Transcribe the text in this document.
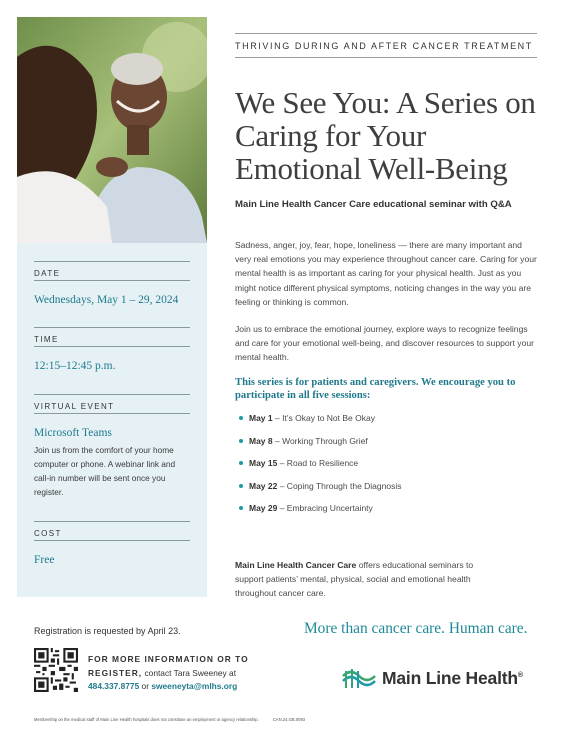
DATE
Wednesdays, May 1 – 29, 2024
TIME
12:15–12:45 p.m.
VIRTUAL EVENT
Microsoft Teams
Join us from the comfort of your home computer or phone. A webinar link and call-in number will be sent once you register.
COST
Free
THRIVING DURING AND AFTER CANCER TREATMENT
We See You: A Series on Caring for Your Emotional Well-Being
Main Line Health Cancer Care educational seminar with Q&A

Sadness, anger, joy, fear, hope, loneliness — there are many important and very real emotions you may experience throughout cancer care. Caring for your mental health is as important as caring for your physical health. Just as you might notice different physical symptoms, noticing changes in the way you are feeling or thinking is common.

Join us to embrace the emotional journey, explore ways to recognize feelings and care for your emotional well-being, and discover resources to support your mental health.

This series is for patients and caregivers. We encourage you to participate in all five sessions:

May 1 – It’s Okay to Not Be Okay
May 8 – Working Through Grief
May 15 – Road to Resilience
May 22 – Coping Through the Diagnosis
May 29 – Embracing Uncertainty

Main Line Health Cancer Care offers educational seminars to support patients’ mental, physical, social and emotional health throughout cancer care.

Registration is requested by April 23.	More than cancer care. Human care.
FOR MORE INFORMATION OR TO
REGISTER, contact Tara Sweeney at
484.337.8775 or sweeneyta@mlhs.org	Main Line Health®
Membership on the medical staff of Main Line Health hospitals does not constitute an employment or agency relationship.	CAN.24.GB.0093
